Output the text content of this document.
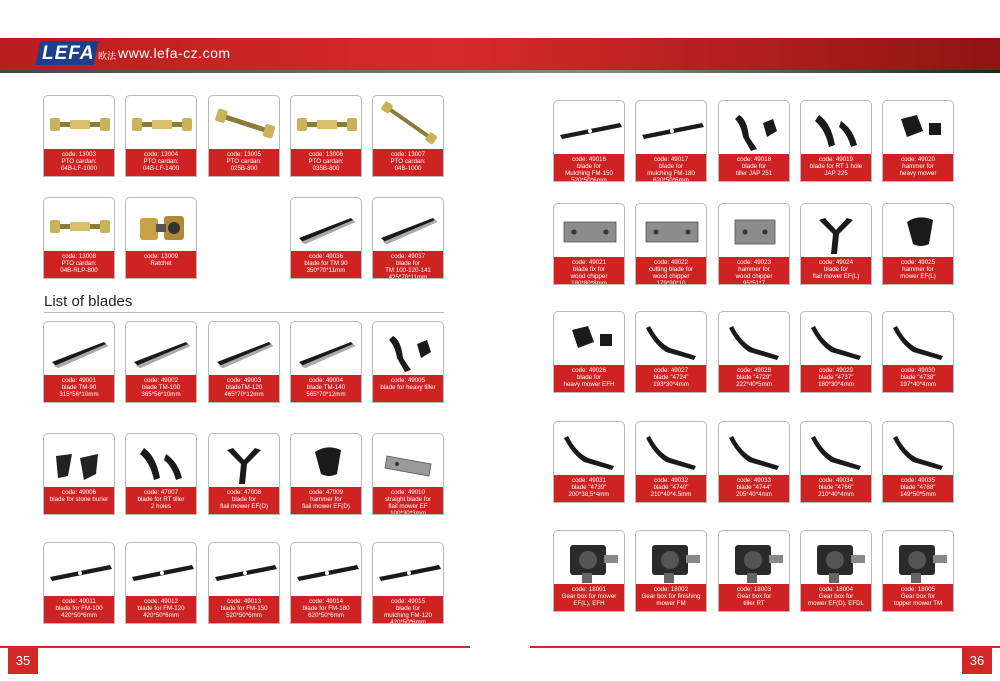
LEFA 欧法 www.lefa-cz.com
List of blades
code: 13003
PTO cardan:
04B-LF-1000
code: 13004
PTO cardan:
04B-LF-1400
code: 13005
PTO cardan:
025B-800
code: 13006
PTO cardan:
035B-800
code: 13007
PTO cardan:
04B-1000
code: 13008
PTO cardan:
04B-RLP-800
code: 13009
Ratchet
code: 49036
blade for TM 90
350*70*11mm
code: 49037
blade for
TM 100-120-141
425*70*11mm
code: 49001
blade TM-90
315*56*10mm
code: 49002
blade TM-100
365*56*10mm
code: 49003
bladeTM-120
465*70*12mm
code: 49004
blade TM-140
565*70*12mm
code: 49005
blade for heavy tiller
code: 49006
blade for stone burier
code: 47007
blade for RT tiller
2 holes
code: 47008
blade for
flail mower EF(D)
code: 47009
hammer for
flail mower EF(D)
code: 49010
straight blade for
flail mower EF
100*30*3mm
code: 49011
blade for FM-100
420*50*6mm
code: 49012
blade for FM-120
420*50*6mm
code: 49013
blade for FM-150
520*50*6mm
code: 49014
blade for FM-180
620*50*6mm
code: 49015
blade for
mulching FM-120
420*50*6mm
code: 49016
blade for
Mulching FM-150
520*50*6mm
code: 49017
blade for
mulching FM-180
620*50*6mm
code: 49018
blade for
tiller JAP 251
code: 49019
blade for RT 1 hole
JAP 225
code: 49020
hammer for
heavy mower
code: 49021
blade fix for
wood chipper
180*80*8mm
code: 49022
cutting blade for
wood chipper
179*90*10
code: 49023
hammer for
wood chipper
95*51*7
code: 49024
blade for
flail mower EF(L)
code: 49025
hammer for
mower EF(L)
code: 49026
blade for
heavy mower EFH
code: 49027
blade "4724"
193*30*4mm
code: 49028
blade "4729"
222*40*5mm
code: 49029
blade "4737"
180*30*4mm
code: 49030
blade "4738"
197*40*4mm
code: 49031
blade "4739"
200*38,5*4mm
code: 49032
blade "4740"
210*40*4.5mm
code: 49033
blade "4744"
205*40*4mm
code: 49034
blade "4766"
210*40*4mm
code: 49035
blade "4788"
149*50*5mm
code: 18001
Gear box for mower
EF(L), EFH
code: 18002
Gear box for finishing
mower FM
code: 18003
Gear box for
tiller RT
code: 18004
Gear box for
mower EF(D), EFDL
code: 18005
Gear box for
topper mower TM
35	36
